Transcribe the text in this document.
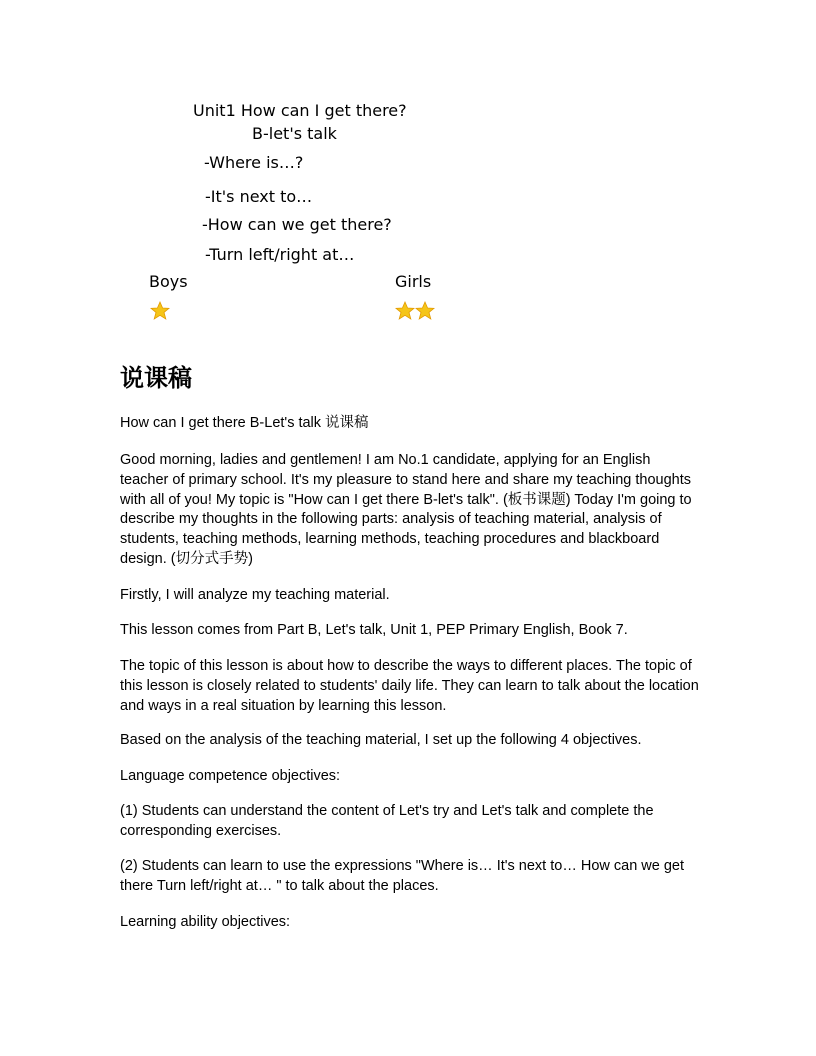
Unit1 How can I get there?
B-let's talk
-Where is…?
-It's next to…
-How can we get there?
-Turn left/right at…
Boys	Girls
说课稿

How can I get there B-Let's talk 说课稿

Good morning, ladies and gentlemen! I am No.1 candidate, applying for an English teacher of primary school. It's my pleasure to stand here and share my teaching thoughts with all of you! My topic is "How can I get there B-let's talk". (板书课题) Today I'm going to describe my thoughts in the following parts: analysis of teaching material, analysis of students, teaching methods, learning methods, teaching procedures and blackboard design. (切分式手势)

Firstly, I will analyze my teaching material.

This lesson comes from Part B, Let's talk, Unit 1, PEP Primary English, Book 7.

The topic of this lesson is about how to describe the ways to different places. The topic of this lesson is closely related to students' daily life. They can learn to talk about the location and ways in a real situation by learning this lesson.

Based on the analysis of the teaching material, I set up the following 4 objectives.

Language competence objectives:

(1) Students can understand the content of Let's try and Let's talk and complete the corresponding exercises.

(2) Students can learn to use the expressions "Where is… It's next to… How can we get there Turn left/right at… " to talk about the places.

Learning ability objectives:
